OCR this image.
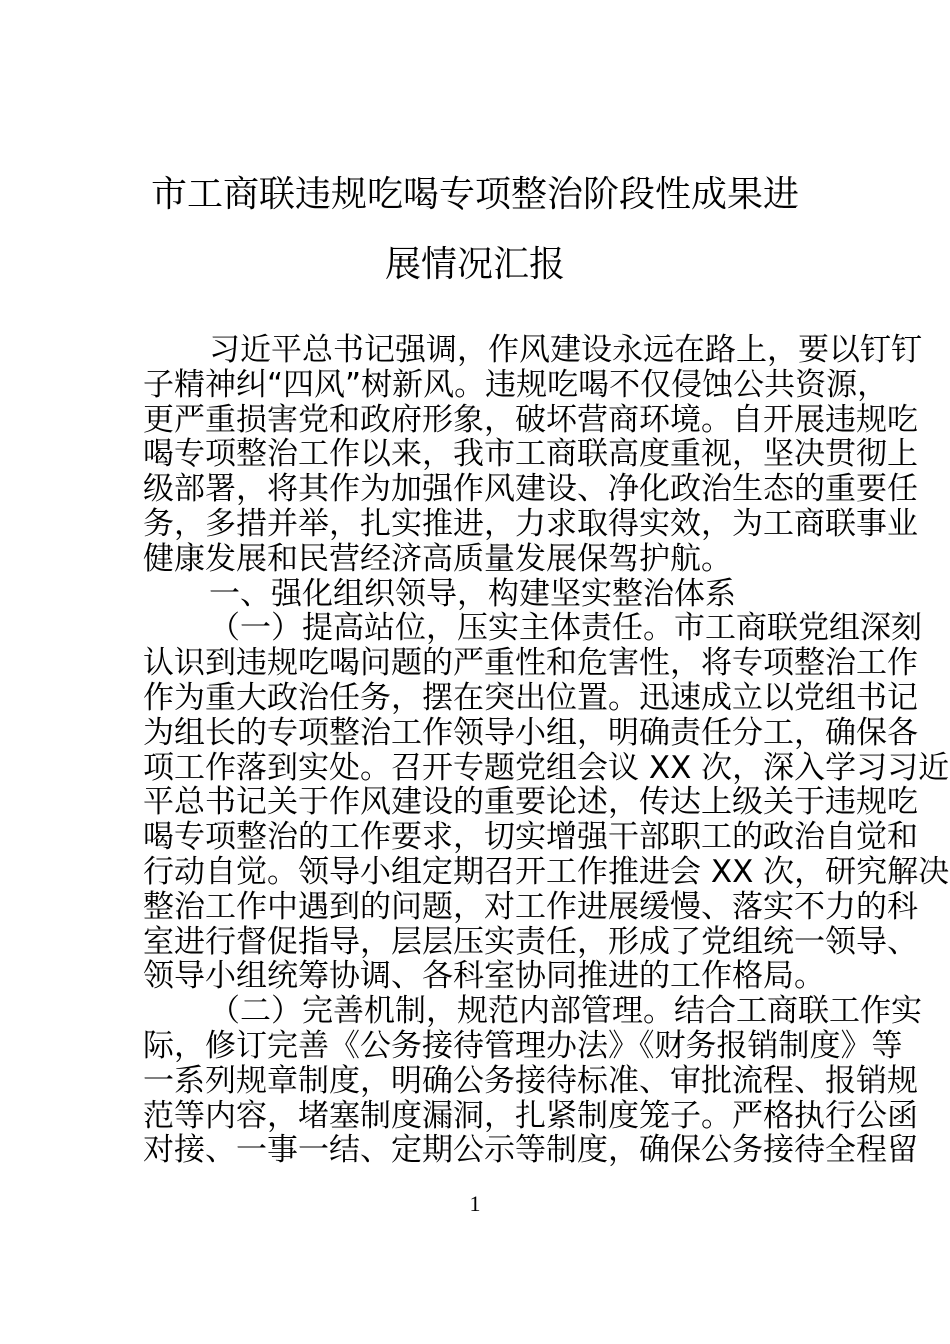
市工商联违规吃喝专项整治阶段性成果进
展情况汇报
习近平总书记强调，作风建设永远在路上，要以钉钉
子精神纠“四风”树新风。违规吃喝不仅侵蚀公共资源，
更严重损害党和政府形象，破坏营商环境。自开展违规吃
喝专项整治工作以来，我市工商联高度重视，坚决贯彻上
级部署，将其作为加强作风建设、净化政治生态的重要任
务，多措并举，扎实推进，力求取得实效，为工商联事业
健康发展和民营经济高质量发展保驾护航。
一、强化组织领导，构建坚实整治体系
（一）提高站位，压实主体责任。市工商联党组深刻
认识到违规吃喝问题的严重性和危害性，将专项整治工作
作为重大政治任务，摆在突出位置。迅速成立以党组书记
为组长的专项整治工作领导小组，明确责任分工，确保各
项工作落到实处。召开专题党组会议 XX 次，深入学习习近
平总书记关于作风建设的重要论述，传达上级关于违规吃
喝专项整治的工作要求，切实增强干部职工的政治自觉和
行动自觉。领导小组定期召开工作推进会 XX 次，研究解决
整治工作中遇到的问题，对工作进展缓慢、落实不力的科
室进行督促指导，层层压实责任，形成了党组统一领导、
领导小组统筹协调、各科室协同推进的工作格局。
（二）完善机制，规范内部管理。结合工商联工作实
际，修订完善《公务接待管理办法》《财务报销制度》等
一系列规章制度，明确公务接待标准、审批流程、报销规
范等内容，堵塞制度漏洞，扎紧制度笼子。严格执行公函
对接、一事一结、定期公示等制度，确保公务接待全程留
1
